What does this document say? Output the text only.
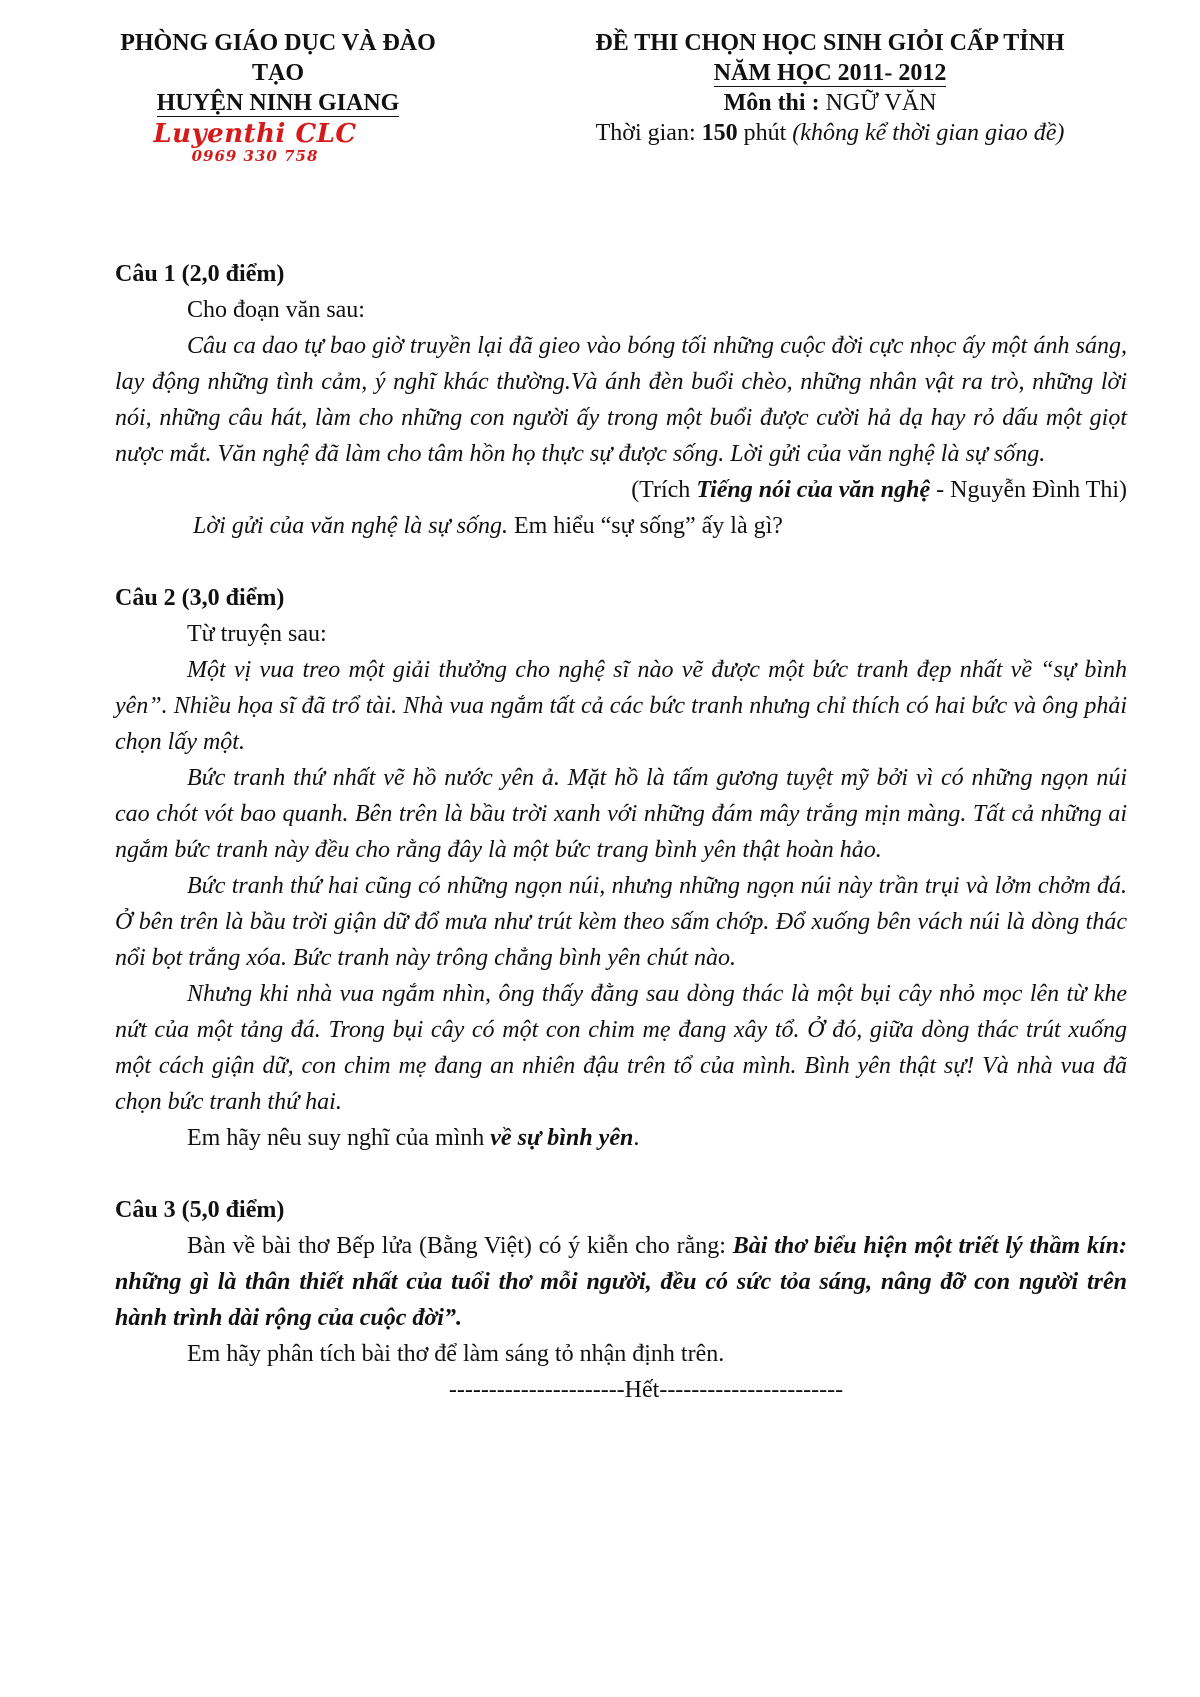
PHÒNG GIÁO DỤC VÀ ĐÀO TẠO
HUYỆN NINH GIANG
ĐỀ THI CHỌN HỌC SINH GIỎI CẤP TỈNH
NĂM HỌC 2011- 2012
Môn thi : NGỮ VĂN
Thời gian: 150 phút (không kể thời gian giao đề)
Luyenthi CLC
0969 330 758

Câu 1 (2,0 điểm)

Cho đoạn văn sau:

Câu ca dao tự bao giờ truyền lại đã gieo vào bóng tối những cuộc đời cực nhọc ấy một ánh sáng, lay động những tình cảm, ý nghĩ khác thường.Và ánh đèn buổi chèo, những nhân vật ra trò, những lời nói, những câu hát, làm cho những con người ấy trong một buổi được cười hả dạ hay rỏ dấu một giọt nược mắt. Văn nghệ đã làm cho tâm hồn họ thực sự được sống. Lời gửi của văn nghệ là sự sống.

(Trích Tiếng nói của văn nghệ - Nguyễn Đình Thi)

Lời gửi của văn nghệ là sự sống. Em hiểu “sự sống” ấy là gì?

Câu 2 (3,0 điểm)

Từ truyện sau:

Một vị vua treo một giải thưởng cho nghệ sĩ nào vẽ được một bức tranh đẹp nhất về “sự bình yên”. Nhiều họa sĩ đã trổ tài. Nhà vua ngắm tất cả các bức tranh nhưng chỉ thích có hai bức và ông phải chọn lấy một.

Bức tranh thứ nhất vẽ hồ nước yên ả. Mặt hồ là tấm gương tuyệt mỹ bởi vì có những ngọn núi cao chót vót bao quanh. Bên trên là bầu trời xanh với những đám mây trắng mịn màng. Tất cả những ai ngắm bức tranh này đều cho rằng đây là một bức trang bình yên thật hoàn hảo.

Bức tranh thứ hai cũng có những ngọn núi, nhưng những ngọn núi này trần trụi và lởm chởm đá. Ở bên trên là bầu trời giận dữ đổ mưa như trút kèm theo sấm chớp. Đổ xuống bên vách núi là dòng thác nổi bọt trắng xóa. Bức tranh này trông chẳng bình yên chút nào.

Nhưng khi nhà vua ngắm nhìn, ông thấy đằng sau dòng thác là một bụi cây nhỏ mọc lên từ khe nứt của một tảng đá. Trong bụi cây có một con chim mẹ đang xây tổ. Ở đó, giữa dòng thác trút xuống một cách giận dữ, con chim mẹ đang an nhiên đậu trên tổ của mình. Bình yên thật sự! Và nhà vua đã chọn bức tranh thứ hai.

Em hãy nêu suy nghĩ của mình về sự bình yên.

Câu 3 (5,0 điểm)

Bàn về bài thơ Bếp lửa (Bằng Việt) có ý kiễn cho rằng: Bài thơ biểu hiện một triết lý thầm kín: những gì là thân thiết nhất của tuổi thơ mỗi người, đều có sức tỏa sáng, nâng đỡ con người trên hành trình dài rộng của cuộc đời”.

Em hãy phân tích bài thơ để làm sáng tỏ nhận định trên.

----------------------Hết-----------------------
